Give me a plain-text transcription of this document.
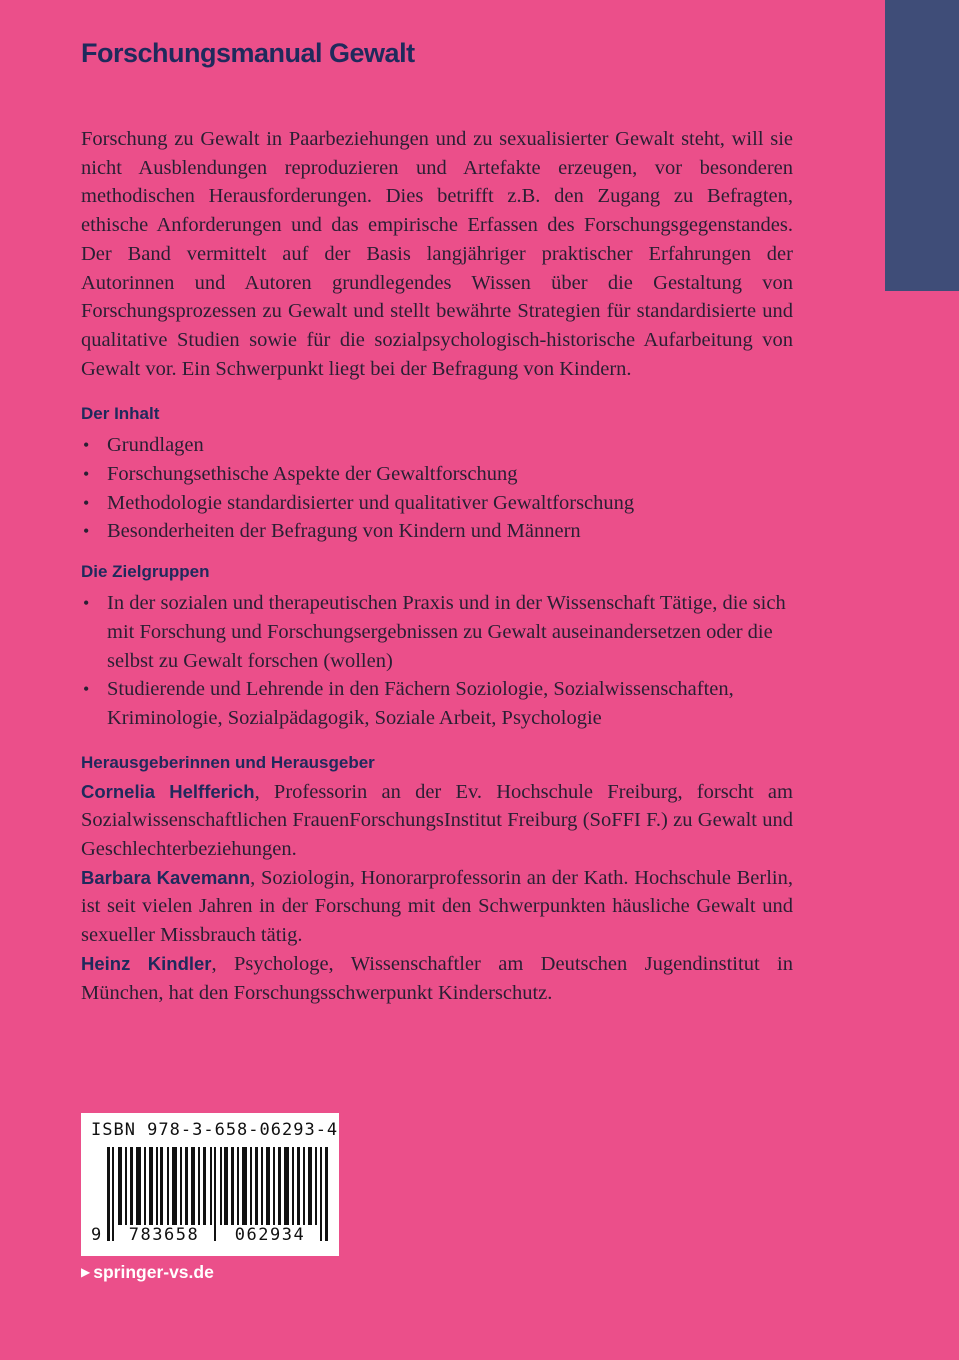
Forschungsmanual Gewalt

Forschung zu Gewalt in Paarbeziehungen und zu sexualisierter Gewalt steht, will sie nicht Ausblendungen reproduzieren und Artefakte erzeugen, vor besonderen methodischen Herausforderungen. Dies betrifft z.B. den Zugang zu Befragten, ethische Anforderungen und das empirische Erfassen des Forschungsgegenstandes. Der Band vermittelt auf der Basis langjähriger praktischer Erfahrungen der Autorinnen und Autoren grundlegendes Wissen über die Gestaltung von Forschungsprozessen zu Gewalt und stellt bewährte Strategien für standardisierte und qualitative Studien sowie für die sozialpsychologisch-historische Aufarbeitung von Gewalt vor. Ein Schwerpunkt liegt bei der Befragung von Kindern.

Der Inhalt
• Grundlagen
• Forschungsethische Aspekte der Gewaltforschung
• Methodologie standardisierter und qualitativer Gewaltforschung
• Besonderheiten der Befragung von Kindern und Männern
Die Zielgruppen
• In der sozialen und therapeutischen Praxis und in der Wissenschaft Tätige, die sich mit Forschung und Forschungsergebnissen zu Gewalt auseinandersetzen oder die selbst zu Gewalt forschen (wollen)
• Studierende und Lehrende in den Fächern Soziologie, Sozialwissenschaften, Kriminologie, Sozialpädagogik, Soziale Arbeit, Psychologie
Herausgeberinnen und Herausgeber

Cornelia Helfferich, Professorin an der Ev. Hochschule Freiburg, forscht am Sozialwissenschaftlichen FrauenForschungsInstitut Freiburg (SoFFI F.) zu Gewalt und Geschlechterbeziehungen.

Barbara Kavemann, Soziologin, Honorarprofessorin an der Kath. Hochschule Berlin, ist seit vielen Jahren in der Forschung mit den Schwerpunkten häusliche Gewalt und sexueller Missbrauch tätig.

Heinz Kindler, Psychologe, Wissenschaftler am Deutschen Jugendinstitut in München, hat den Forschungsschwerpunkt Kinderschutz.

ISBN 978-3-658-06293-4
9	783658	062934
▶ springer-vs.de
